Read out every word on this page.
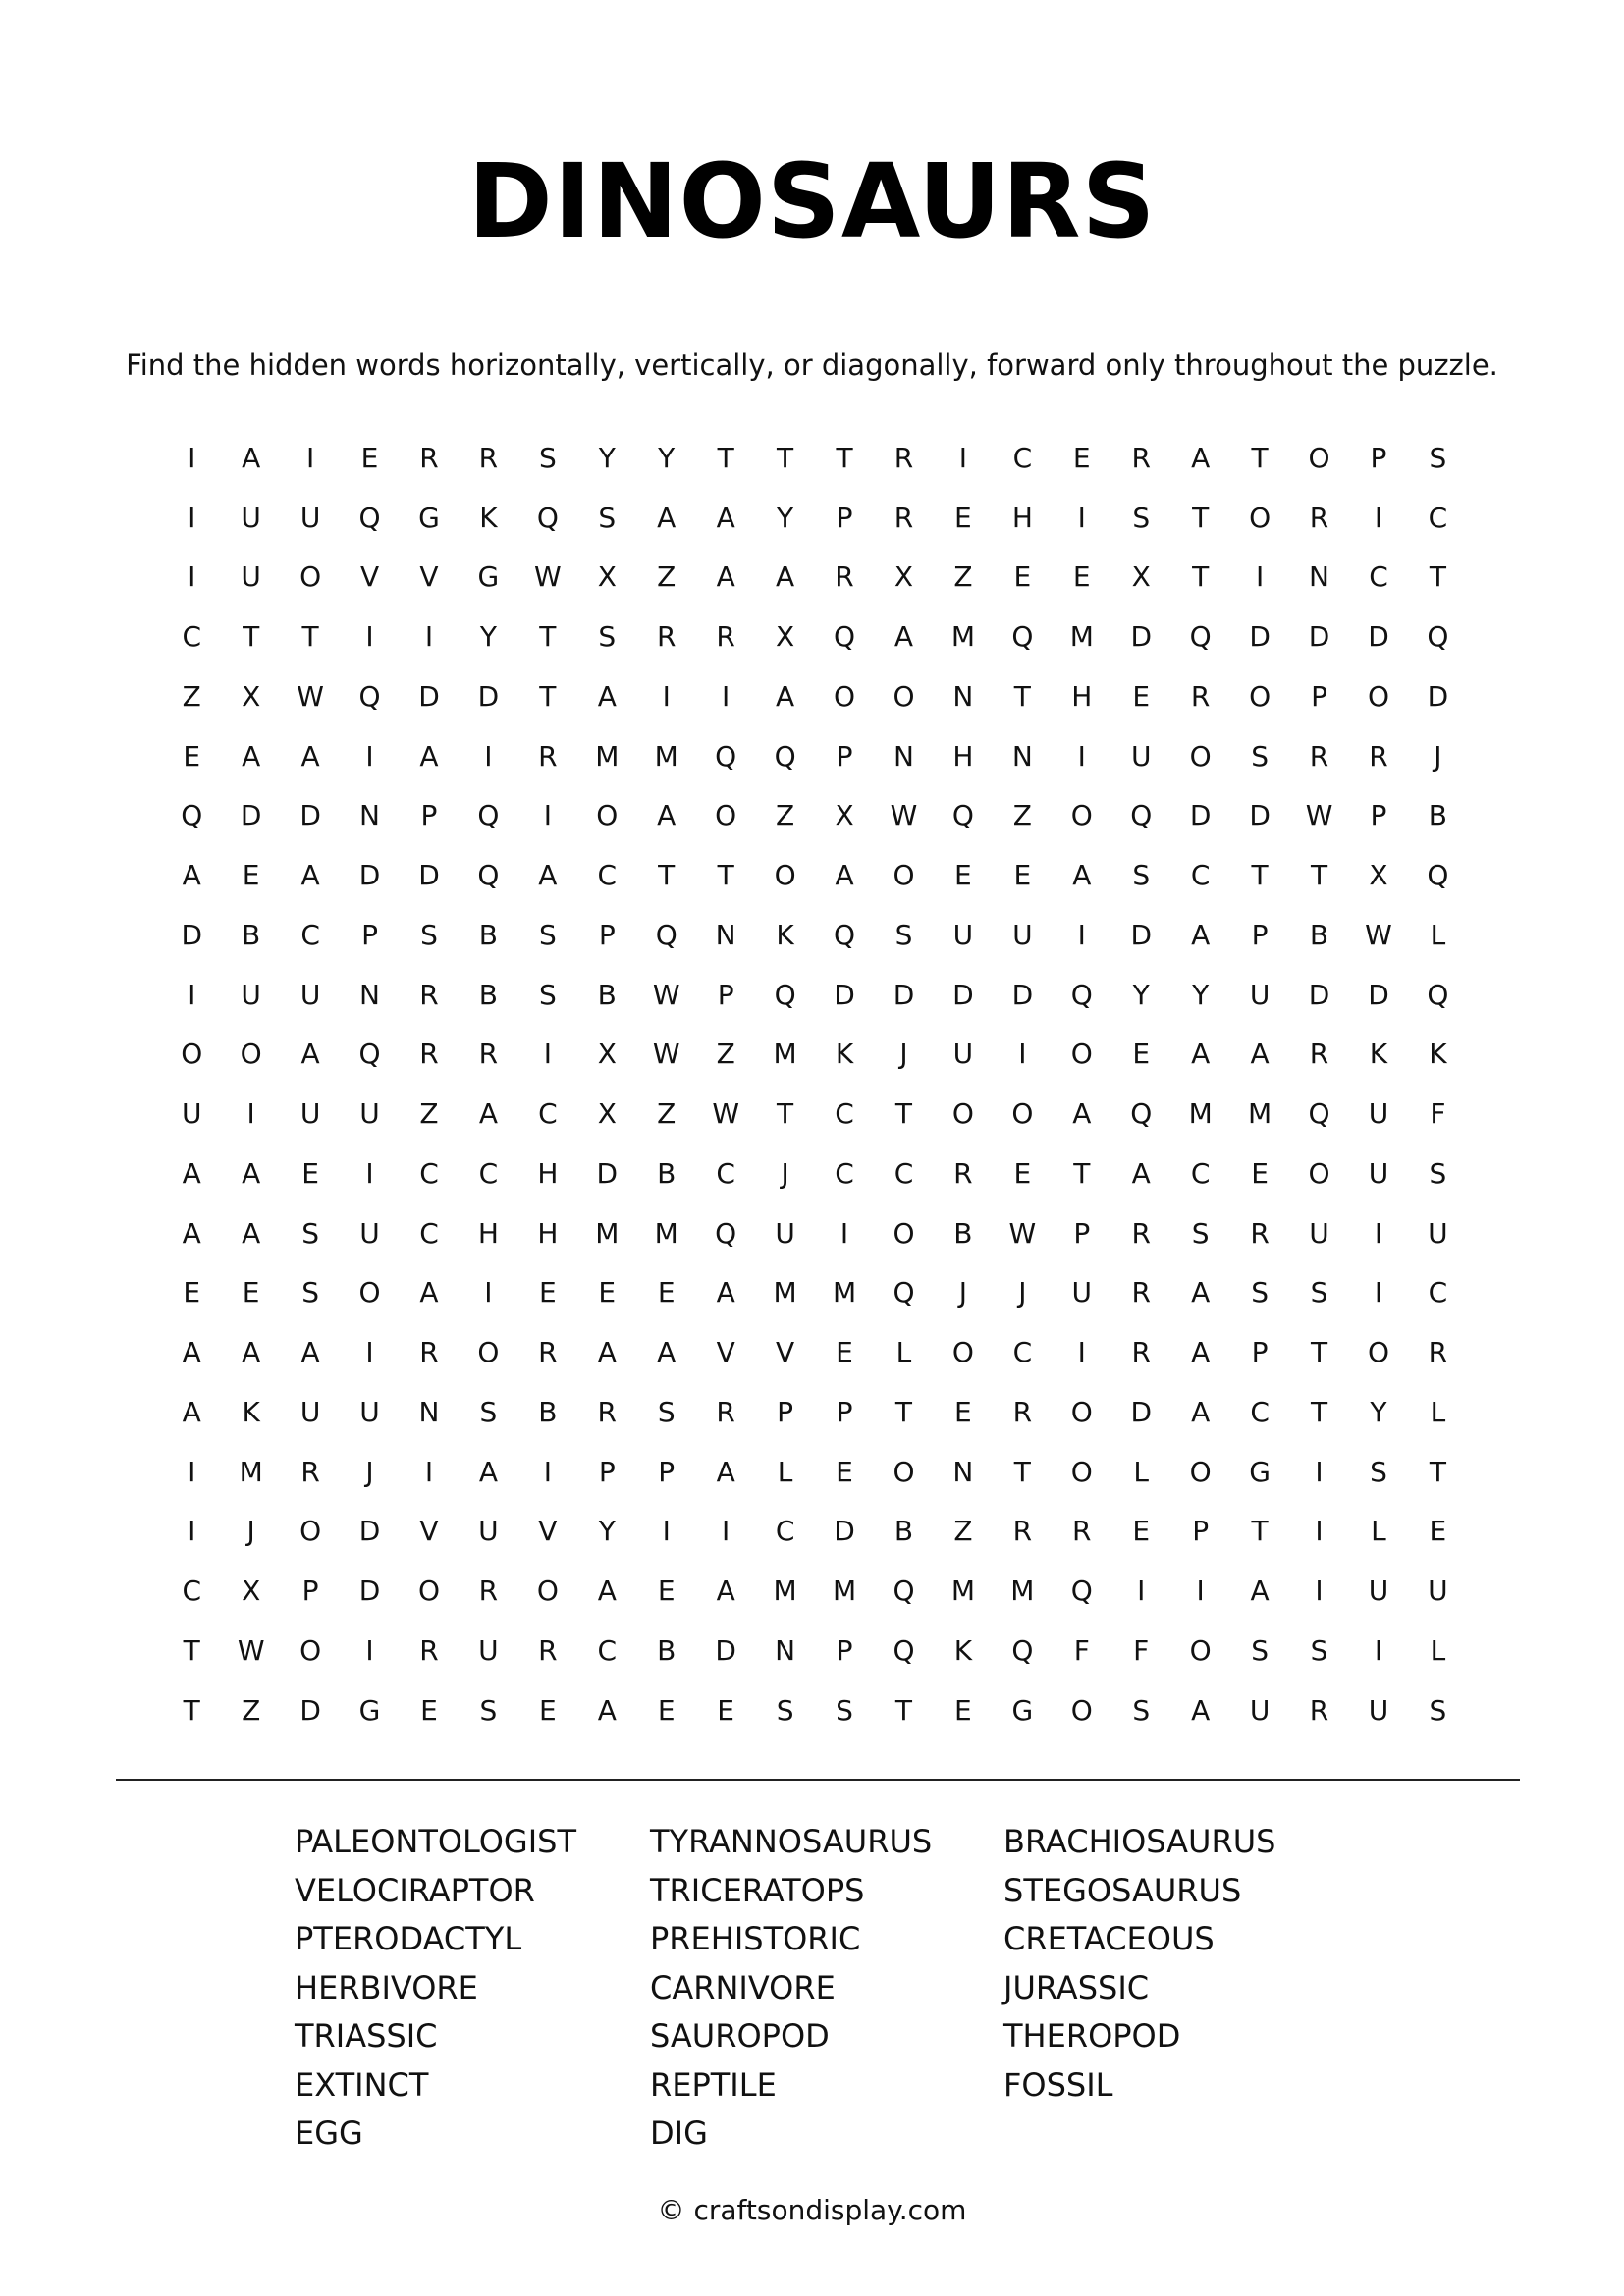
DINOSAURS
Find the hidden words horizontally, vertically, or diagonally, forward only throughout the puzzle.
I	A	I	E	R	R	S	Y	Y	T	T	T	R	I	C	E	R	A	T	O	P	S
I	U	U	Q	G	K	Q	S	A	A	Y	P	R	E	H	I	S	T	O	R	I	C
I	U	O	V	V	G	W	X	Z	A	A	R	X	Z	E	E	X	T	I	N	C	T
C	T	T	I	I	Y	T	S	R	R	X	Q	A	M	Q	M	D	Q	D	D	D	Q
Z	X	W	Q	D	D	T	A	I	I	A	O	O	N	T	H	E	R	O	P	O	D
E	A	A	I	A	I	R	M	M	Q	Q	P	N	H	N	I	U	O	S	R	R	J
Q	D	D	N	P	Q	I	O	A	O	Z	X	W	Q	Z	O	Q	D	D	W	P	B
A	E	A	D	D	Q	A	C	T	T	O	A	O	E	E	A	S	C	T	T	X	Q
D	B	C	P	S	B	S	P	Q	N	K	Q	S	U	U	I	D	A	P	B	W	L
I	U	U	N	R	B	S	B	W	P	Q	D	D	D	D	Q	Y	Y	U	D	D	Q
O	O	A	Q	R	R	I	X	W	Z	M	K	J	U	I	O	E	A	A	R	K	K
U	I	U	U	Z	A	C	X	Z	W	T	C	T	O	O	A	Q	M	M	Q	U	F
A	A	E	I	C	C	H	D	B	C	J	C	C	R	E	T	A	C	E	O	U	S
A	A	S	U	C	H	H	M	M	Q	U	I	O	B	W	P	R	S	R	U	I	U
E	E	S	O	A	I	E	E	E	A	M	M	Q	J	J	U	R	A	S	S	I	C
A	A	A	I	R	O	R	A	A	V	V	E	L	O	C	I	R	A	P	T	O	R
A	K	U	U	N	S	B	R	S	R	P	P	T	E	R	O	D	A	C	T	Y	L
I	M	R	J	I	A	I	P	P	A	L	E	O	N	T	O	L	O	G	I	S	T
I	J	O	D	V	U	V	Y	I	I	C	D	B	Z	R	R	E	P	T	I	L	E
C	X	P	D	O	R	O	A	E	A	M	M	Q	M	M	Q	I	I	A	I	U	U
T	W	O	I	R	U	R	C	B	D	N	P	Q	K	Q	F	F	O	S	S	I	L
T	Z	D	G	E	S	E	A	E	E	S	S	T	E	G	O	S	A	U	R	U	S
PALEONTOLOGIST
VELOCIRAPTOR
PTERODACTYL
HERBIVORE
TRIASSIC
EXTINCT
EGG
TYRANNOSAURUS
TRICERATOPS
PREHISTORIC
CARNIVORE
SAUROPOD
REPTILE
DIG
BRACHIOSAURUS
STEGOSAURUS
CRETACEOUS
JURASSIC
THEROPOD
FOSSIL
© craftsondisplay.com
